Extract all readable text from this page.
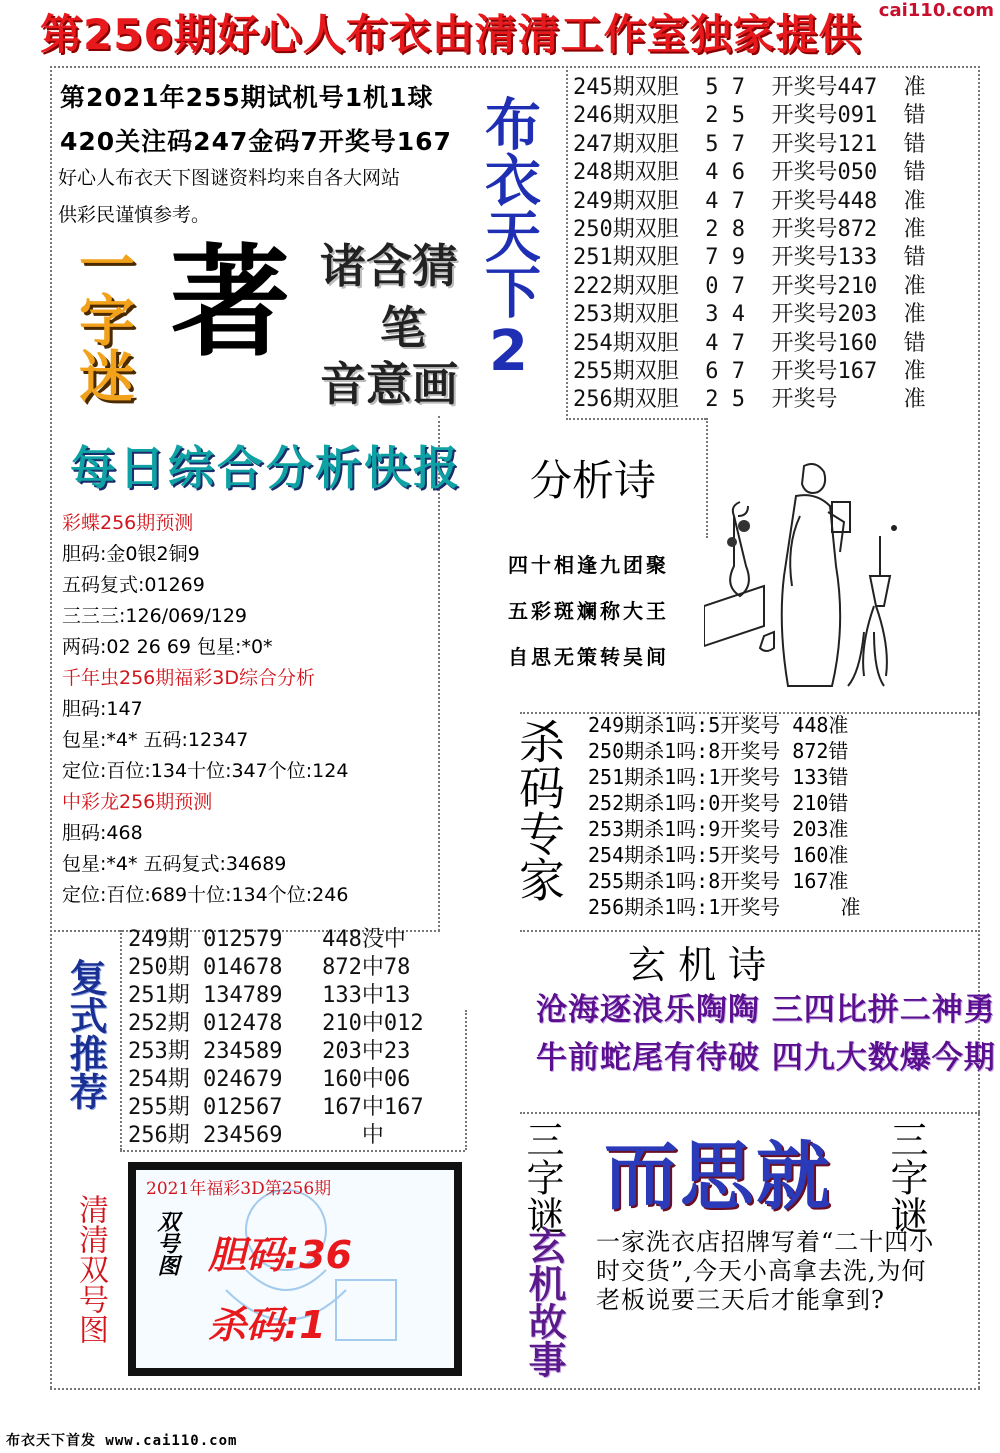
第256期好心人布衣由清清工作室独家提供 cai110.com
第2021年255期试机号1机1球
420关注码247金码7开奖号167
好心人布衣天下图谜资料均来自各大网站
供彩民谨慎参考。	布衣天下2
一字迷 著 诸含猜
笔
音意画
每日综合分析快报
245期双胆  5 7  开奖号447  准
246期双胆  2 5  开奖号091  错
247期双胆  5 7  开奖号121  错
248期双胆  4 6  开奖号050  错
249期双胆  4 7  开奖号448  准
250期双胆  2 8  开奖号872  准
251期双胆  7 9  开奖号133  错
222期双胆  0 7  开奖号210  准
253期双胆  3 4  开奖号203  准
254期双胆  4 7  开奖号160  错
255期双胆  6 7  开奖号167  准
256期双胆  2 5  开奖号     准
彩蝶256期预测
胆码:金0银2铜9
五码复式:01269
三三三:126/069/129
两码:02 26 69 包星:*0*
千年虫256期福彩3D综合分析
胆码:147
包星:*4* 五码:12347
定位:百位:134十位:347个位:124
中彩龙256期预测
胆码:468
包星:*4* 五码复式:34689
定位:百位:689十位:134个位:246
分析诗
四十相逢九团聚
五彩斑斓称大王
自思无策转吴间
杀码专家 249期杀1吗:5开奖号 448准
250期杀1吗:8开奖号 872错
251期杀1吗:1开奖号 133错
252期杀1吗:0开奖号 210错
253期杀1吗:9开奖号 203准
254期杀1吗:5开奖号 160准
255期杀1吗:8开奖号 167准
256期杀1吗:1开奖号     准
复式推荐
249期 012579   448没中
250期 014678   872中78
251期 134789   133中13
252期 012478   210中012
253期 234589   203中23
254期 024679   160中06
255期 012567   167中167
256期 234569      中
玄 机 诗
沧海逐浪乐陶陶 三四比拼二神勇
牛前蛇尾有待破 四九大数爆今期
三字谜 而思就 三字谜
玄机故事 一家洗衣店招牌写着“二十四小时交货”,今天小高拿去洗,为何老板说要三天后才能拿到?
清清双号图
2021年福彩3D第256期
双号图 胆码:36
杀码:1
布衣天下首发 www.cai110.com
